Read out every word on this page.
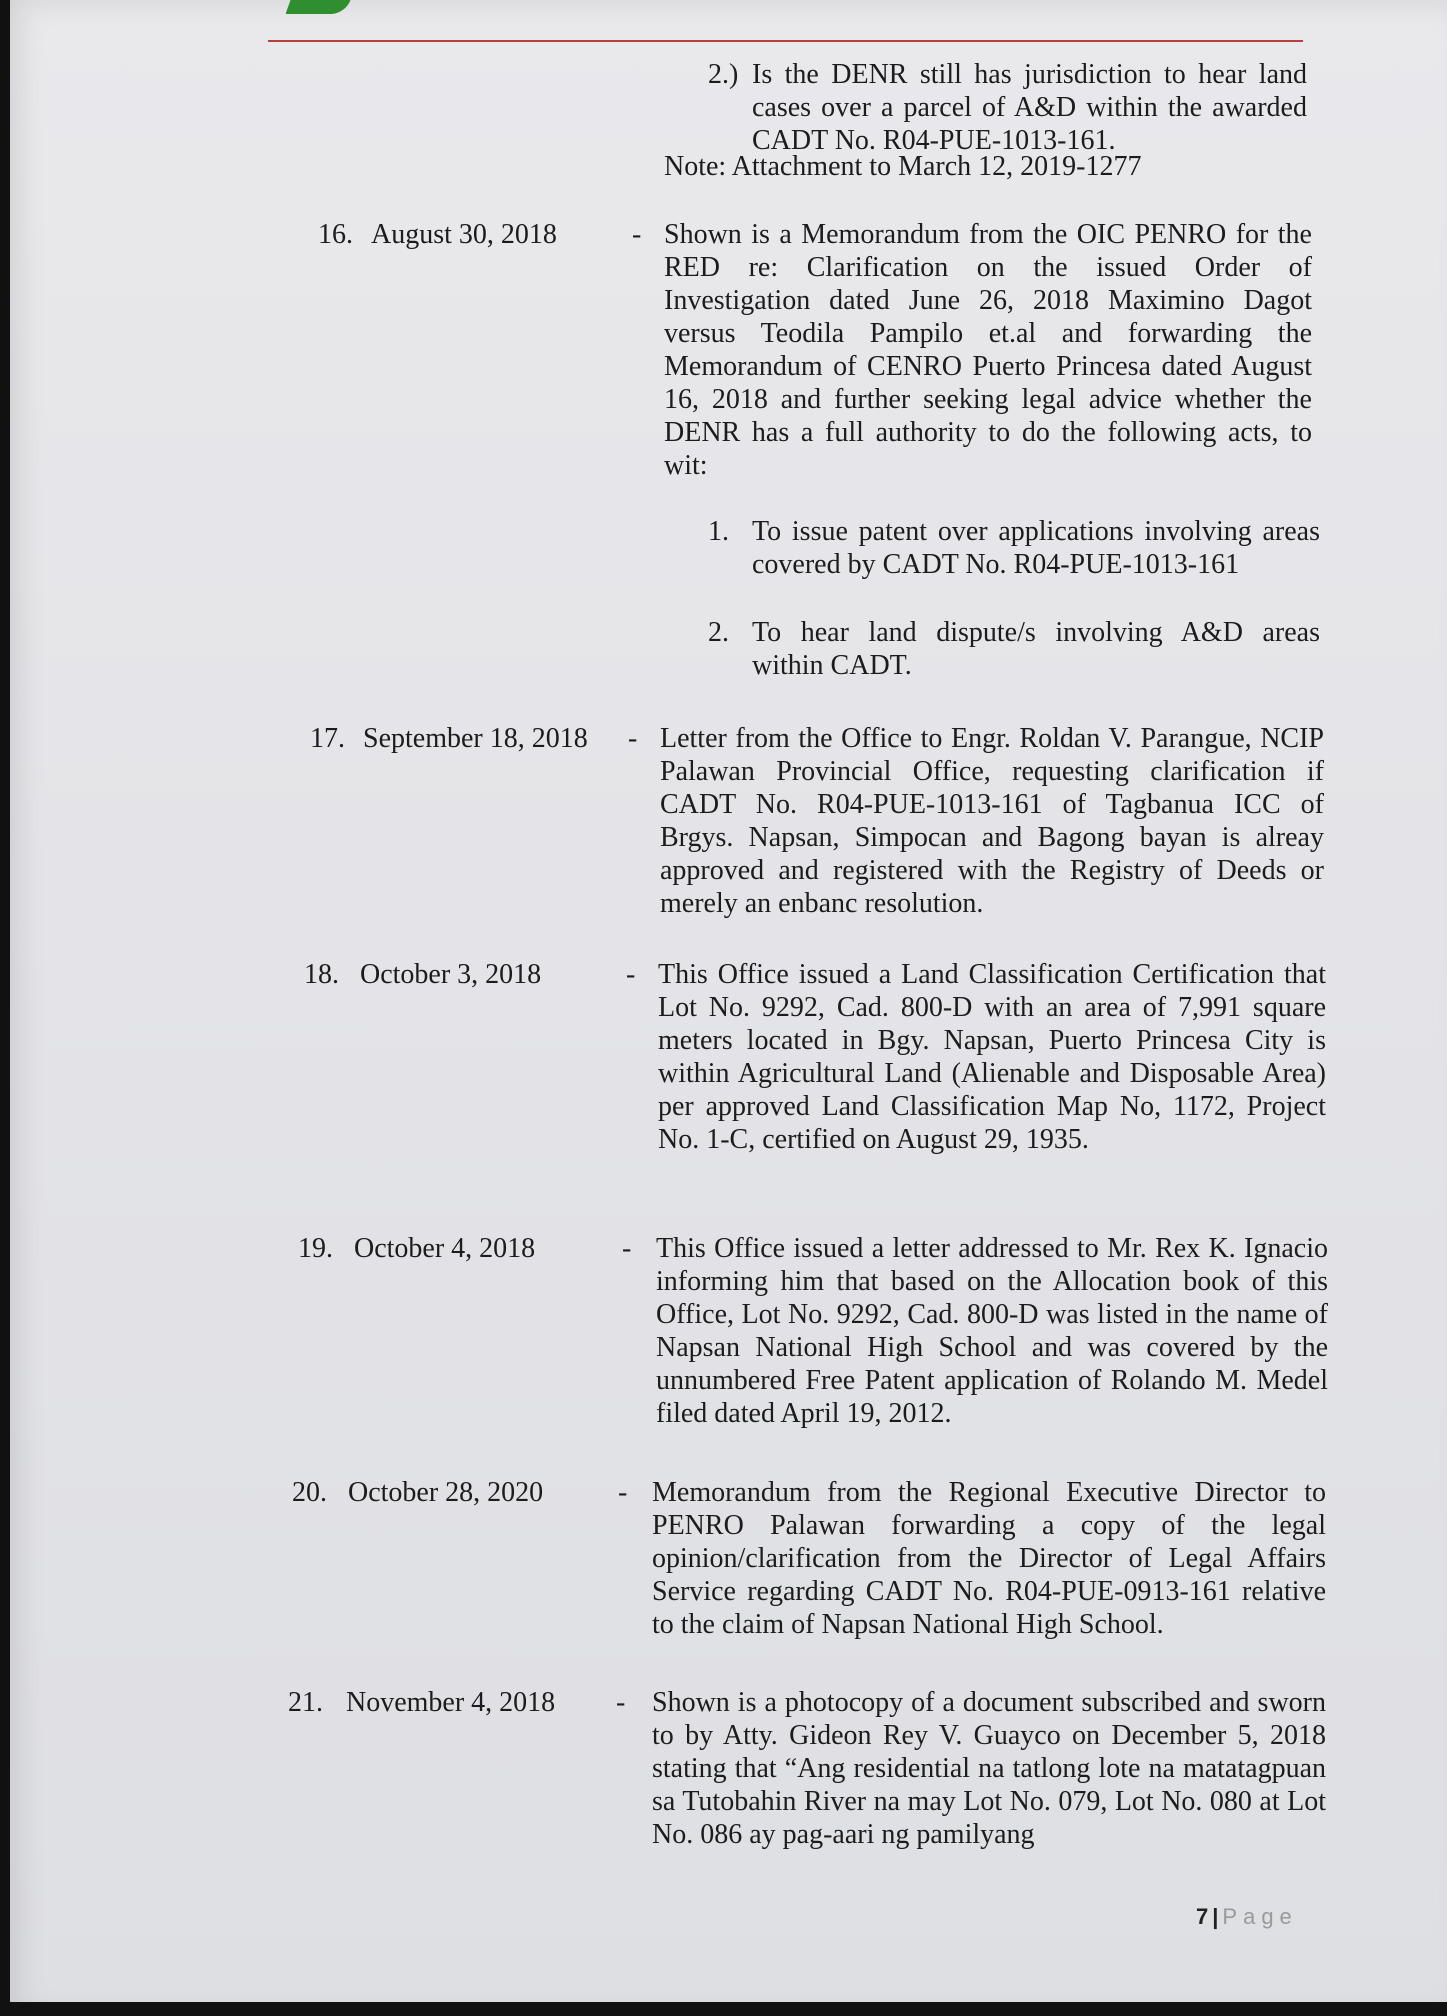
2.) Is the DENR still has jurisdiction to hear land cases over a parcel of A&D within the awarded CADT No. R04-PUE-1013-161.
Note: Attachment to March 12, 2019-1277
16. August 30, 2018	- Shown is a Memorandum from the OIC PENRO for the RED re: Clarification on the issued Order of Investigation dated June 26, 2018 Maximino Dagot versus Teodila Pampilo et.al and forwarding the Memorandum of CENRO Puerto Princesa dated August 16, 2018 and further seeking legal advice whether the DENR has a full authority to do the following acts, to wit:
1. To issue patent over applications involving areas covered by CADT No. R04-PUE-1013-161
2. To hear land dispute/s involving A&D areas within CADT.
17. September 18, 2018 - Letter from the Office to Engr. Roldan V. Parangue, NCIP Palawan Provincial Office, requesting clarification if CADT No. R04-PUE-1013-161 of Tagbanua ICC of Brgys. Napsan, Simpocan and Bagong bayan is alreay approved and registered with the Registry of Deeds or merely an enbanc resolution.
18. October 3, 2018	- This Office issued a Land Classification Certification that Lot No. 9292, Cad. 800-D with an area of 7,991 square meters located in Bgy. Napsan, Puerto Princesa City is within Agricultural Land (Alienable and Disposable Area) per approved Land Classification Map No, 1172, Project No. 1-C, certified on August 29, 1935.
19. October 4, 2018	- This Office issued a letter addressed to Mr. Rex K. Ignacio informing him that based on the Allocation book of this Office, Lot No. 9292, Cad. 800-D was listed in the name of Napsan National High School and was covered by the unnumbered Free Patent application of Rolando M. Medel filed dated April 19, 2012.
20. October 28, 2020	- Memorandum from the Regional Executive Director to PENRO Palawan forwarding a copy of the legal opinion/clarification from the Director of Legal Affairs Service regarding CADT No. R04-PUE-0913-161 relative to the claim of Napsan National High School.
21. November 4, 2018 - Shown is a photocopy of a document subscribed and sworn to by Atty. Gideon Rey V. Guayco on December 5, 2018 stating that “Ang residential na tatlong lote na matatagpuan sa Tutobahin River na may Lot No. 079, Lot No. 080 at Lot No. 086 ay pag-aari ng pamilyang
7 | Page
